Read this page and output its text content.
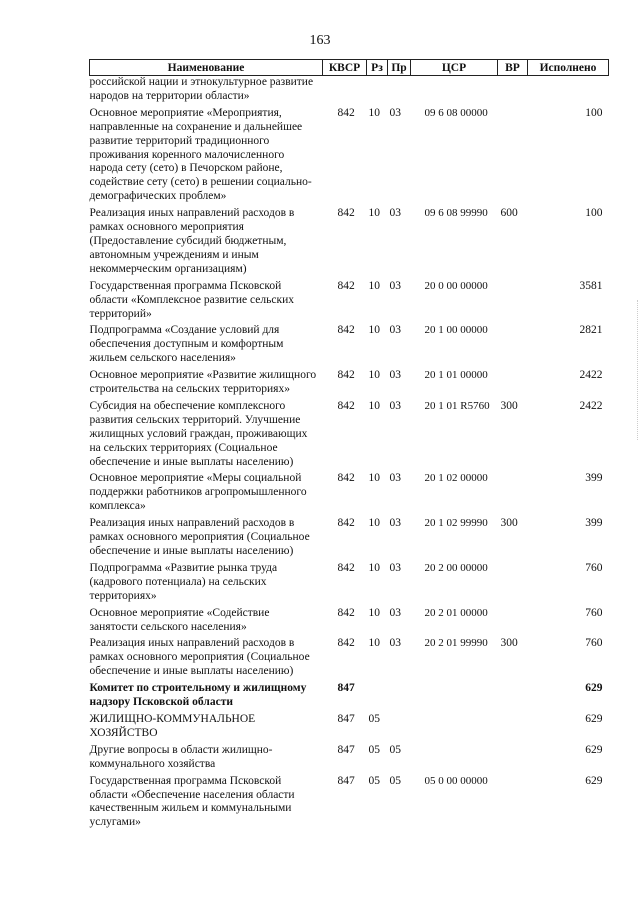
163
Наименование	КВСР	Рз	Пр	ЦСР	ВР	Исполнено
российской нации и этнокультурное развитие народов на территории области»						
Основное мероприятие «Мероприятия, направленные на сохранение и дальнейшее развитие территорий традиционного проживания коренного малочисленного народа сету (сето) в Печорском районе, содействие сету (сето) в решении социально-демографических проблем»	842	10	03	09 6 08 00000		100
Реализация иных направлений расходов в рамках основного мероприятия (Предоставление субсидий бюджетным, автономным учреждениям и иным некоммерческим организациям)	842	10	03	09 6 08 99990	600	100
Государственная программа Псковской области «Комплексное развитие сельских территорий»	842	10	03	20 0 00 00000		3581
Подпрограмма «Создание условий для обеспечения доступным и комфортным жильем сельского населения»	842	10	03	20 1 00 00000		2821
Основное мероприятие «Развитие жилищного строительства на сельских территориях»	842	10	03	20 1 01 00000		2422
Субсидия на обеспечение комплексного развития сельских территорий. Улучшение жилищных условий граждан, проживающих на сельских территориях (Социальное обеспечение и иные выплаты населению)	842	10	03	20 1 01 R5760	300	2422
Основное мероприятие «Меры социальной поддержки работников агропромышленного комплекса»	842	10	03	20 1 02 00000		399
Реализация иных направлений расходов в рамках основного мероприятия (Социальное обеспечение и иные выплаты населению)	842	10	03	20 1 02 99990	300	399
Подпрограмма «Развитие рынка труда (кадрового потенциала) на сельских территориях»	842	10	03	20 2 00 00000		760
Основное мероприятие «Содействие занятости сельского населения»	842	10	03	20 2 01 00000		760
Реализация иных направлений расходов в рамках основного мероприятия (Социальное обеспечение и иные выплаты населению)	842	10	03	20 2 01 99990	300	760
Комитет по строительному и жилищному надзору Псковской области	847					629
ЖИЛИЩНО-КОММУНАЛЬНОЕ ХОЗЯЙСТВО	847	05				629
Другие вопросы в области жилищно-коммунального хозяйства	847	05	05			629
Государственная программа Псковской области «Обеспечение населения области качественным жильем и коммунальными услугами»	847	05	05	05 0 00 00000		629
